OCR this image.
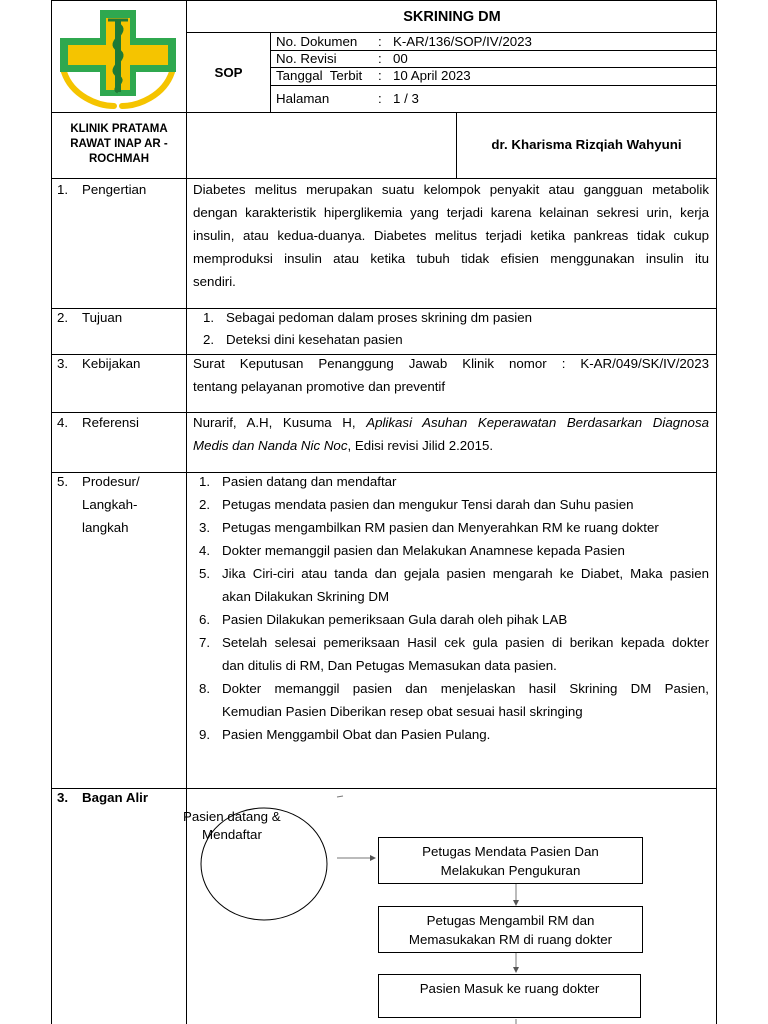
SKRINING DM
SOP
No. Dokumen : K-AR/136/SOP/IV/2023
No. Revisi	: 00
Tanggal  Terbit : 10 April 2023
Halaman	: 1 / 3
KLINIK PRATAMA
RAWAT INAP AR -
ROCHMAH
dr. Kharisma Rizqiah Wahyuni
1. Pengertian	Diabetes melitus merupakan suatu kelompok penyakit atau gangguan metabolik

dengan karakteristik hiperglikemia yang terjadi karena kelainan sekresi urin, kerja

insulin, atau kedua-duanya. Diabetes melitus terjadi ketika pankreas tidak cukup

memproduksi insulin atau ketika tubuh tidak efisien menggunakan insulin itu

sendiri.

2. Tujuan	1. Sebagai pedoman dalam proses skrining dm pasien
2. Deteksi dini kesehatan pasien
3. Kebijakan	Surat Keputusan Penanggung Jawab Klinik nomor : K-AR/049/SK/IV/2023

tentang pelayanan promotive dan preventif

4. Referensi	Nurarif, A.H, Kusuma H, Aplikasi Asuhan Keperawatan Berdasarkan Diagnosa

Medis dan Nanda Nic Noc, Edisi revisi Jilid 2.2015.

5. Prodesur/
Langkah-
langkah
1. Pasien datang dan mendaftar
2. Petugas mendata pasien dan mengukur Tensi darah dan Suhu pasien
3. Petugas mengambilkan RM pasien dan Menyerahkan RM ke ruang dokter
4. Dokter memanggil pasien dan Melakukan Anamnese kepada Pasien
5. Jika Ciri-ciri atau tanda dan gejala pasien mengarah ke Diabet, Maka pasien

akan Dilakukan Skrining DM

6. Pasien Dilakukan pemeriksaan Gula darah oleh pihak LAB
7. Setelah selesai pemeriksaan Hasil cek gula pasien di berikan kepada dokter

dan ditulis di RM, Dan Petugas Memasukan data pasien.

8. Dokter memanggil pasien dan menjelaskan hasil Skrining DM Pasien,

Kemudian Pasien Diberikan resep obat sesuai hasil skringing

9. Pasien Menggambil Obat dan Pasien Pulang.
3. Bagan Alir
Pasien datang &
Mendaftar
Petugas Mendata Pasien Dan
Melakukan Pengukuran
Petugas Mengambil RM dan
Memasukakan RM di ruang dokter
Pasien Masuk ke ruang dokter
